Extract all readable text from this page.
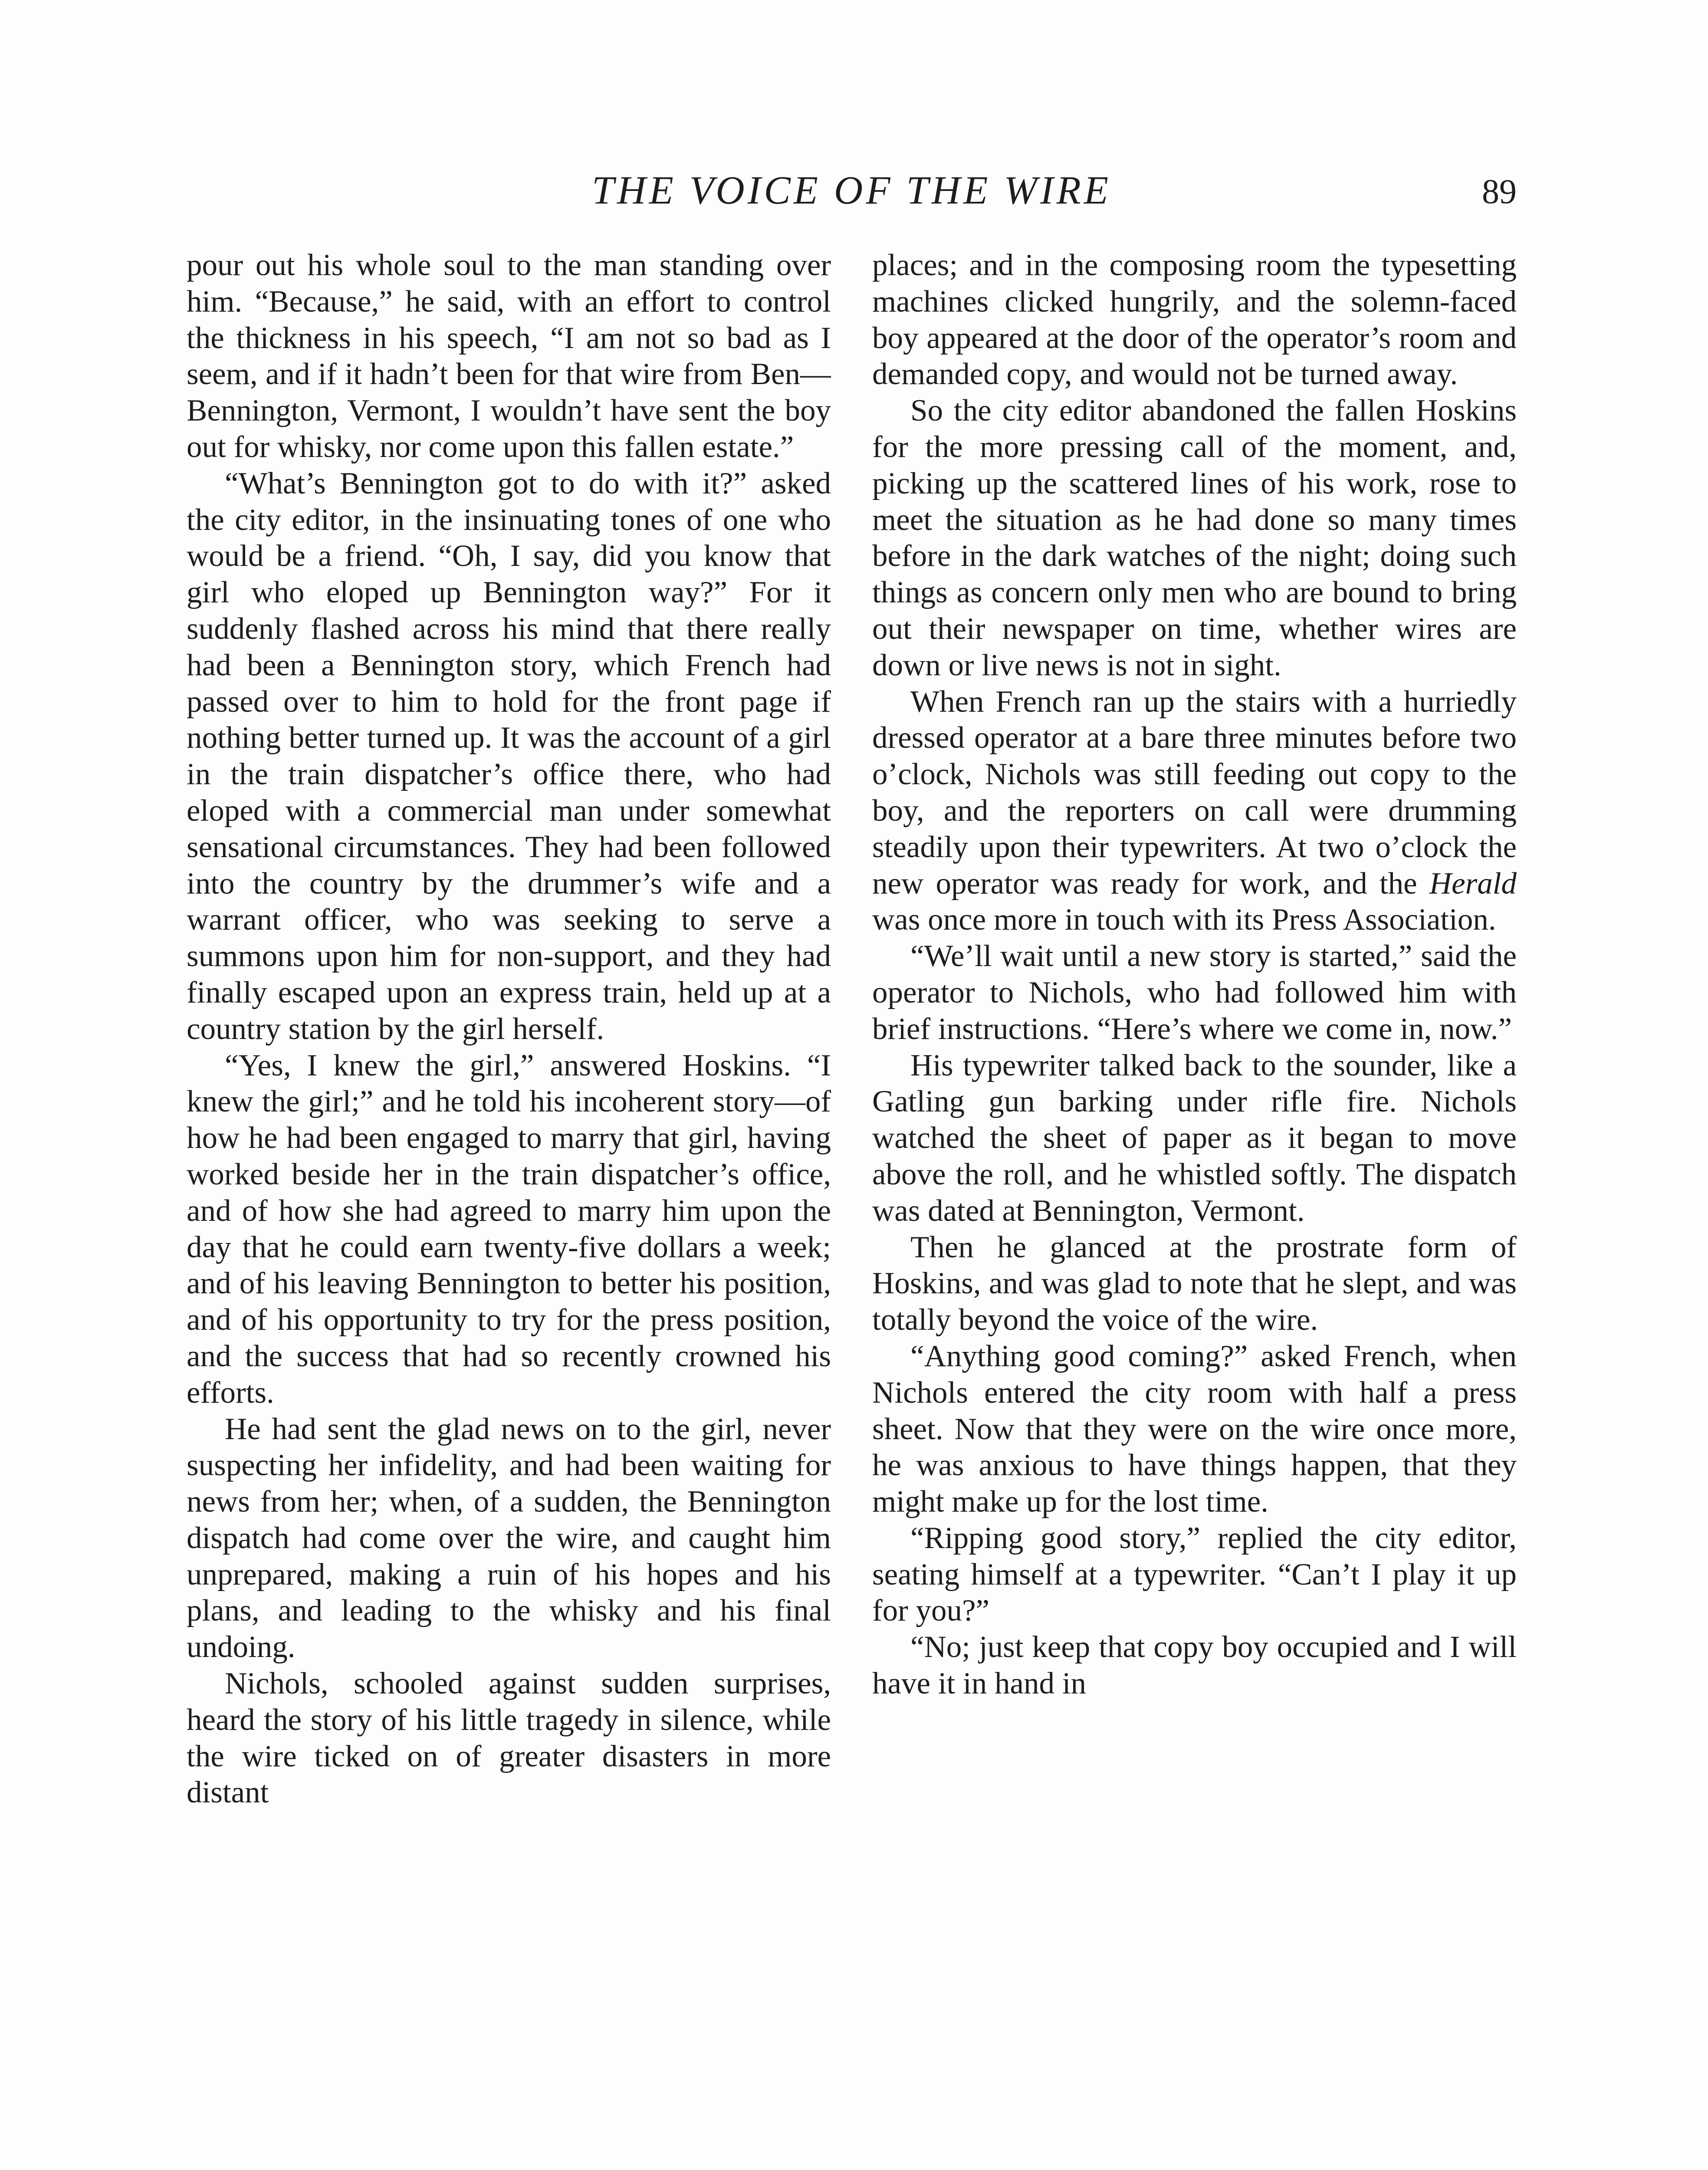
THE VOICE OF THE WIRE	89

pour out his whole soul to the man standing over him. “Because,” he said, with an effort to control the thickness in his speech, “I am not so bad as I seem, and if it hadn’t been for that wire from Ben—Bennington, Vermont, I wouldn’t have sent the boy out for whisky, nor come upon this fallen estate.”

“What’s Bennington got to do with it?” asked the city editor, in the insinuating tones of one who would be a friend. “Oh, I say, did you know that girl who eloped up Bennington way?” For it suddenly flashed across his mind that there really had been a Bennington story, which French had passed over to him to hold for the front page if nothing better turned up. It was the account of a girl in the train dispatcher’s office there, who had eloped with a commercial man under somewhat sensational circumstances. They had been followed into the country by the drummer’s wife and a warrant officer, who was seeking to serve a summons upon him for non-support, and they had finally escaped upon an express train, held up at a country station by the girl herself.

“Yes, I knew the girl,” answered Hoskins. “I knew the girl;” and he told his incoherent story—of how he had been engaged to marry that girl, having worked beside her in the train dispatcher’s office, and of how she had agreed to marry him upon the day that he could earn twenty-five dollars a week; and of his leaving Bennington to better his position, and of his opportunity to try for the press position, and the success that had so recently crowned his efforts.

He had sent the glad news on to the girl, never suspecting her infidelity, and had been waiting for news from her; when, of a sudden, the Bennington dispatch had come over the wire, and caught him unprepared, making a ruin of his hopes and his plans, and leading to the whisky and his final undoing.

Nichols, schooled against sudden surprises, heard the story of his little tragedy in silence, while the wire ticked on of greater disasters in more distant

places; and in the composing room the typesetting machines clicked hungrily, and the solemn-faced boy appeared at the door of the operator’s room and demanded copy, and would not be turned away.

So the city editor abandoned the fallen Hoskins for the more pressing call of the moment, and, picking up the scattered lines of his work, rose to meet the situation as he had done so many times before in the dark watches of the night; doing such things as concern only men who are bound to bring out their newspaper on time, whether wires are down or live news is not in sight.

When French ran up the stairs with a hurriedly dressed operator at a bare three minutes before two o’clock, Nichols was still feeding out copy to the boy, and the reporters on call were drumming steadily upon their typewriters. At two o’clock the new operator was ready for work, and the Herald was once more in touch with its Press Association.

“We’ll wait until a new story is started,” said the operator to Nichols, who had followed him with brief instructions. “Here’s where we come in, now.”

His typewriter talked back to the sounder, like a Gatling gun barking under rifle fire. Nichols watched the sheet of paper as it began to move above the roll, and he whistled softly. The dispatch was dated at Bennington, Vermont.

Then he glanced at the prostrate form of Hoskins, and was glad to note that he slept, and was totally beyond the voice of the wire.

“Anything good coming?” asked French, when Nichols entered the city room with half a press sheet. Now that they were on the wire once more, he was anxious to have things happen, that they might make up for the lost time.

“Ripping good story,” replied the city editor, seating himself at a typewriter. “Can’t I play it up for you?”

“No; just keep that copy boy occupied and I will have it in hand in
